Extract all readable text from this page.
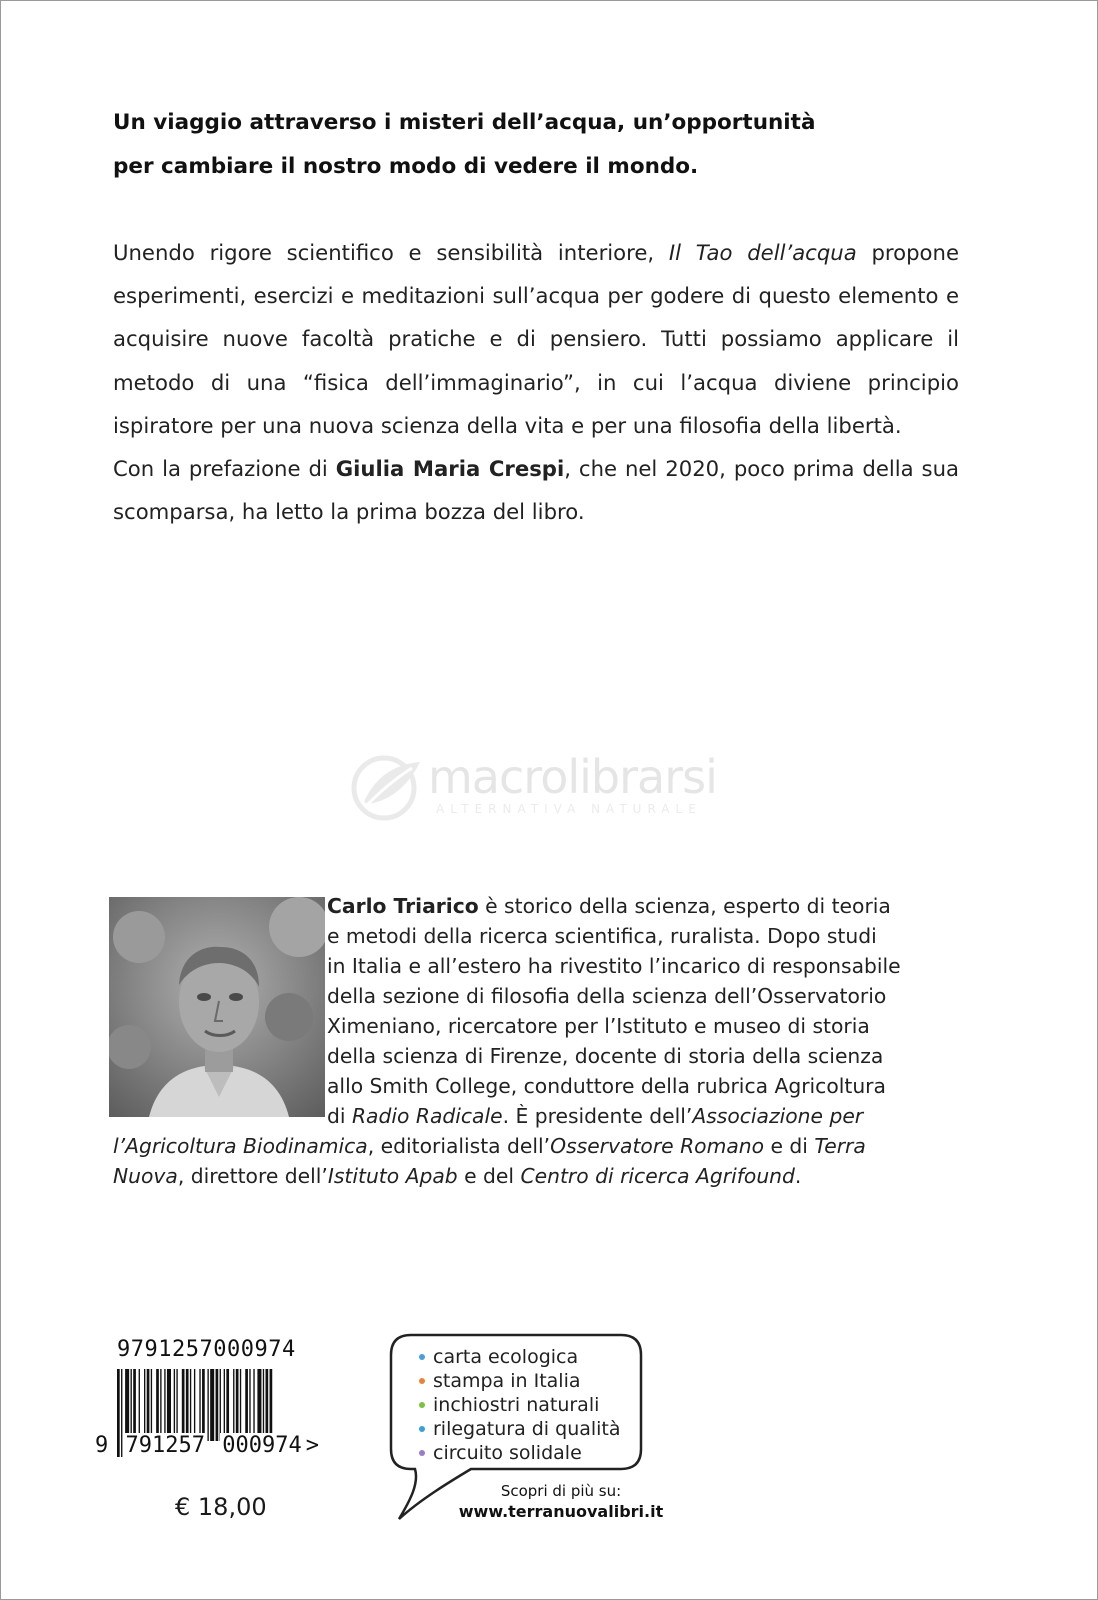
Un viaggio attraverso i misteri dell’acqua, un’opportunità
per cambiare il nostro modo di vedere il mondo.

Unendo rigore scientifico e sensibilità interiore, Il Tao dell’acqua propone esperimenti, esercizi e meditazioni sull’acqua per godere di questo elemento e acquisire nuove facoltà pratiche e di pensiero. Tutti possiamo applicare il metodo di una “fisica dell’immaginario”, in cui l’acqua diviene principio ispiratore per una nuova scienza della vita e per una filosofia della libertà.

Con la prefazione di Giulia Maria Crespi, che nel 2020, poco prima della sua scomparsa, ha letto la prima bozza del libro.

macrolibrarsi
ALTERNATIVA NATURALE
Carlo Triarico è storico della scienza, esperto di teoria
e metodi della ricerca scientifica, ruralista. Dopo studi
in Italia e all’estero ha rivestito l’incarico di responsabile
della sezione di filosofia della scienza dell’Osservatorio
Ximeniano, ricercatore per l’Istituto e museo di storia
della scienza di Firenze, docente di storia della scienza
allo Smith College, conduttore della rubrica Agricoltura
di Radio Radicale. È presidente dell’Associazione per
l’Agricoltura Biodinamica, editorialista dell’Osservatore Romano e di Terra
Nuova, direttore dell’Istituto Apab e del Centro di ricerca Agrifound.
9791257000974
9 791257 000974 >
€ 18,00
carta ecologica
stampa in Italia
inchiostri naturali
rilegatura di qualità
circuito solidale
Scopri di più su:
www.terranuovalibri.it
